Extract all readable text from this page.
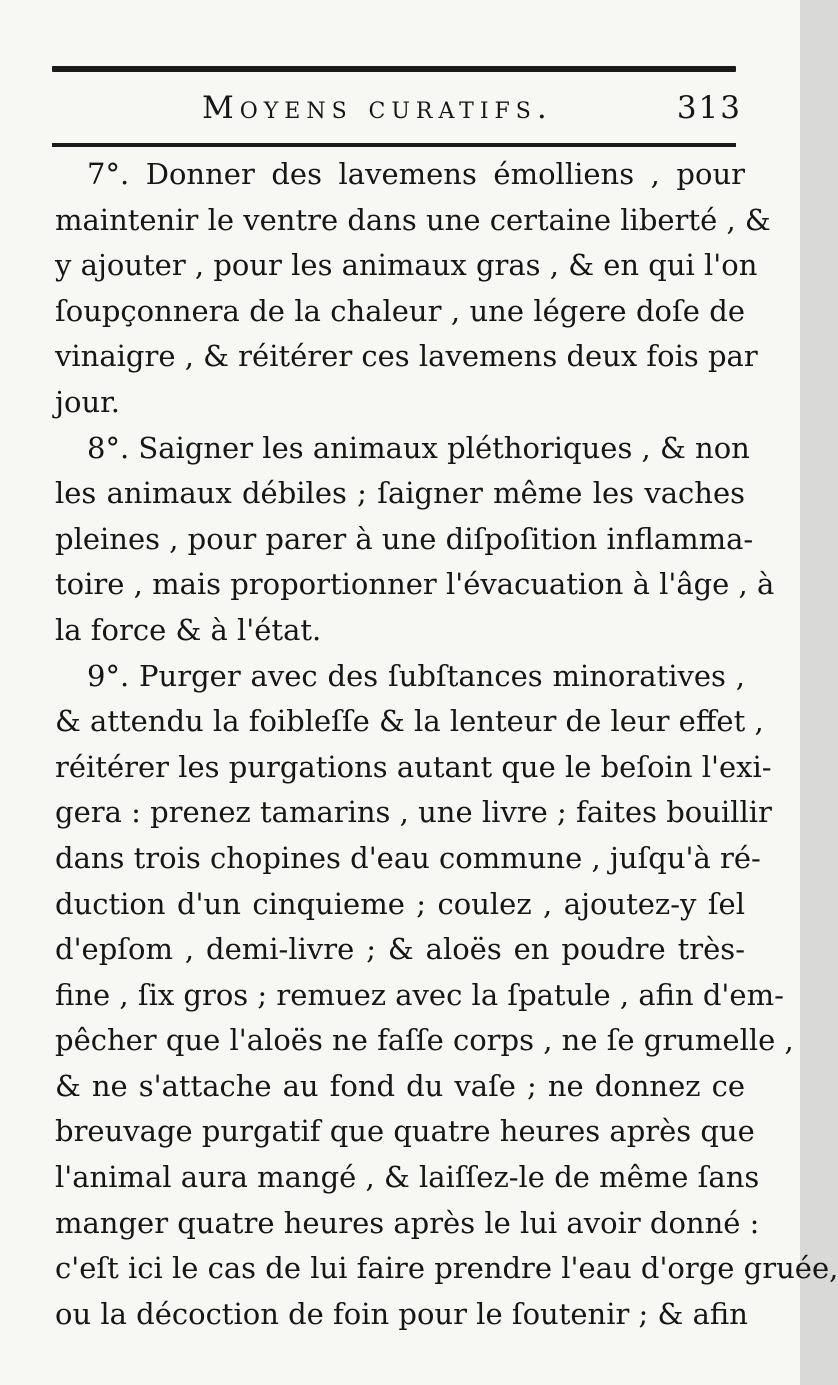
Moyens curatifs.	313
7°. Donner des lavemens émolliens , pour
maintenir le ventre dans une certaine liberté , &
y ajouter , pour les animaux gras , & en qui l'on
ſoupçonnera de la chaleur , une légere doſe de
vinaigre , & réitérer ces lavemens deux fois par
jour.
8°. Saigner les animaux pléthoriques , & non
les animaux débiles ; ſaigner même les vaches
pleines , pour parer à une diſpoſition inflamma-
toire , mais proportionner l'évacuation à l'âge , à
la force & à l'état.
9°. Purger avec des ſubſtances minoratives ,
& attendu la foibleſſe & la lenteur de leur effet ,
réitérer les purgations autant que le beſoin l'exi-
gera : prenez tamarins , une livre ; faites bouillir
dans trois chopines d'eau commune , juſqu'à ré-
duction d'un cinquieme ; coulez , ajoutez-y ſel
d'epſom , demi-livre ; & aloës en poudre très-
fine , ſix gros ; remuez avec la ſpatule , afin d'em-
pêcher que l'aloës ne faſſe corps , ne ſe grumelle ,
& ne s'attache au fond du vaſe ; ne donnez ce
breuvage purgatif que quatre heures après que
l'animal aura mangé , & laiſſez-le de même ſans
manger quatre heures après le lui avoir donné :
c'eſt ici le cas de lui faire prendre l'eau d'orge gruée,
ou la décoction de foin pour le ſoutenir ; & afin
